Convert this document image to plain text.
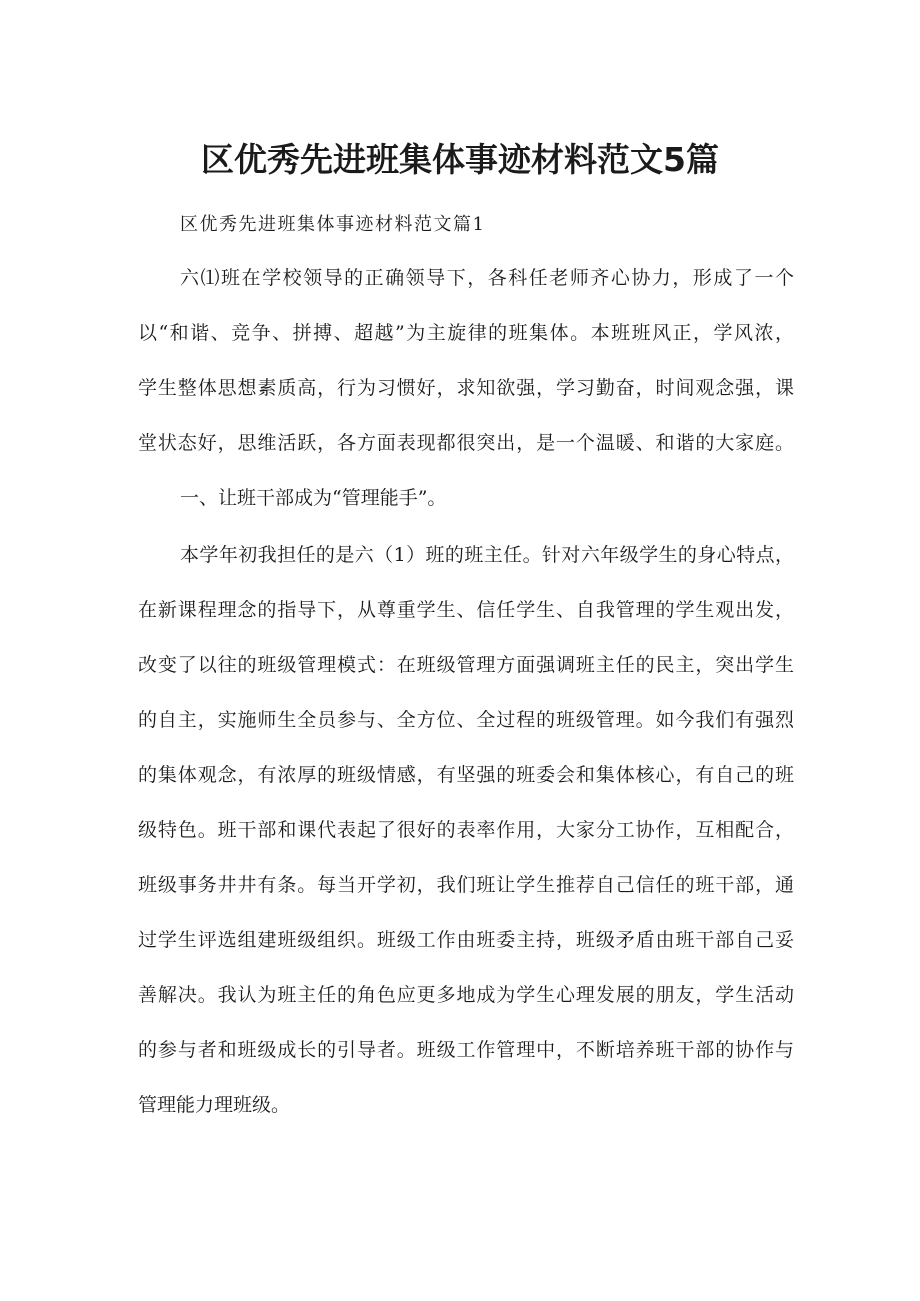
区优秀先进班集体事迹材料范文5篇

区优秀先进班集体事迹材料范文篇1

六⑴班在学校领导的正确领导下，各科任老师齐心协力，形成了一个

以“和谐、竞争、拼搏、超越”为主旋律的班集体。本班班风正，学风浓，

学生整体思想素质高，行为习惯好，求知欲强，学习勤奋，时间观念强，课

堂状态好，思维活跃，各方面表现都很突出，是一个温暖、和谐的大家庭。

一、让班干部成为“管理能手”。

本学年初我担任的是六（1）班的班主任。针对六年级学生的身心特点，

在新课程理念的指导下，从尊重学生、信任学生、自我管理的学生观出发，

改变了以往的班级管理模式：在班级管理方面强调班主任的民主，突出学生

的自主，实施师生全员参与、全方位、全过程的班级管理。如今我们有强烈

的集体观念，有浓厚的班级情感，有坚强的班委会和集体核心，有自己的班

级特色。班干部和课代表起了很好的表率作用，大家分工协作，互相配合，

班级事务井井有条。每当开学初，我们班让学生推荐自己信任的班干部，通

过学生评选组建班级组织。班级工作由班委主持，班级矛盾由班干部自己妥

善解决。我认为班主任的角色应更多地成为学生心理发展的朋友，学生活动

的参与者和班级成长的引导者。班级工作管理中，不断培养班干部的协作与

管理能力理班级。
